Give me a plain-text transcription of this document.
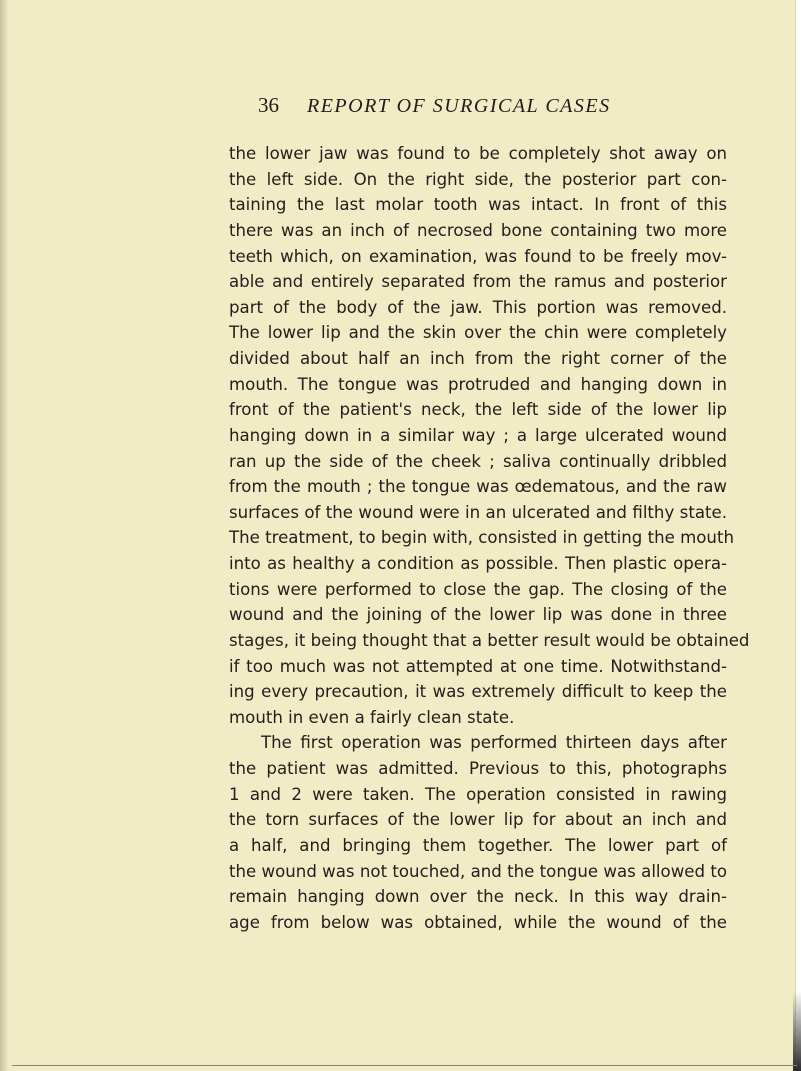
36 REPORT OF SURGICAL CASES
the lower jaw was found to be completely shot away on
the left side. On the right side, the posterior part con-
taining the last molar tooth was intact. In front of this
there was an inch of necrosed bone containing two more
teeth which, on examination, was found to be freely mov-
able and entirely separated from the ramus and posterior
part of the body of the jaw. This portion was removed.
The lower lip and the skin over the chin were completely
divided about half an inch from the right corner of the
mouth. The tongue was protruded and hanging down in
front of the patient's neck, the left side of the lower lip
hanging down in a similar way ; a large ulcerated wound
ran up the side of the cheek ; saliva continually dribbled
from the mouth ; the tongue was œdematous, and the raw
surfaces of the wound were in an ulcerated and filthy state.
The treatment, to begin with, consisted in getting the mouth
into as healthy a condition as possible. Then plastic opera-
tions were performed to close the gap. The closing of the
wound and the joining of the lower lip was done in three
stages, it being thought that a better result would be obtained
if too much was not attempted at one time. Notwithstand-
ing every precaution, it was extremely difficult to keep the
mouth in even a fairly clean state.
The first operation was performed thirteen days after
the patient was admitted. Previous to this, photographs
1 and 2 were taken. The operation consisted in rawing
the torn surfaces of the lower lip for about an inch and
a half, and bringing them together. The lower part of
the wound was not touched, and the tongue was allowed to
remain hanging down over the neck. In this way drain-
age from below was obtained, while the wound of the
